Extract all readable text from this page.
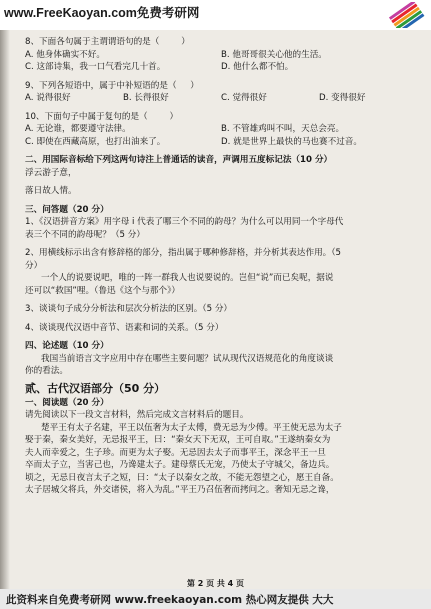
www.FreeKaoyan.com免费考研网

8、下面各句属于主谓谓语句的是（        ）

A. 他身体确实不好。	B. 他哥哥很关心他的生活。
C. 这部诗集，我一口气看完几十首。	D. 他什么都不怕。

9、下列各短语中，属于中补短语的是（     ）

A. 说得很好	B. 长得很好	C. 觉得很好	D. 变得很好

10、下面句子中属于复句的是（        ）

A. 无论谁，都要遵守法律。	B. 不管雄鸡叫不叫，天总会亮。
C. 即使在西藏高原，也打出油来了。	D. 就是世界上最快的马也赛不过音。

二、用国际音标给下列这两句诗注上普通话的读音，声调用五度标记法（10 分）

浮云游子意，

落日故人情。

三、问答题（20 分）

1、《汉语拼音方案》用字母 i 代表了哪三个不同的韵母？为什么可以用同一个字母代

表三个不同的韵母呢？（5 分）

2、用横线标示出含有修辞格的部分，指出属于哪种修辞格，并分析其表达作用。（5

分）

一个人的说要说吧，唯的一阵一群我人也说要说的。岂但“说”而已矣呢，据说

还可以“救国”哩。（鲁迅《这个与那个》）

3、谈谈句子成分分析法和层次分析法的区别。（5 分）

4、谈谈现代汉语中音节、语素和词的关系。（5 分）

四、论述题（10 分）

我国当前语言文字应用中存在哪些主要问题？试从现代汉语规范化的角度谈谈

你的看法。

贰、古代汉语部分（50 分）

一、阅读题（20 分）

请先阅读以下一段文言材料，然后完成文言材料后的题目。

楚平王有太子名建，平王以伍奢为太子太傅，费无忌为少傅。平王使无忌为太子

娶于秦，秦女美好，无忌报平王，曰：“秦女天下无双，王可自取。”王遂纳秦女为

夫人而幸爱之，生子珍。而更为太子娶。无忌因去太子而事平王，深念平王一旦

卒而太子立，当害己也，乃谗建太子。建母蔡氏无宠，乃使太子守城父，备边兵。

顷之，无忌日夜言太子之短，曰：“太子以秦女之故，不能无怨望之心，愿王自备。

太子居城父将兵，外交诸侯，将入为乱。”平王乃召伍奢而拷问之。奢知无忌之谗，

第 2 页 共 4 页
此资料来自免费考研网 www.freekaoyan.com 热心网友提供 大大
